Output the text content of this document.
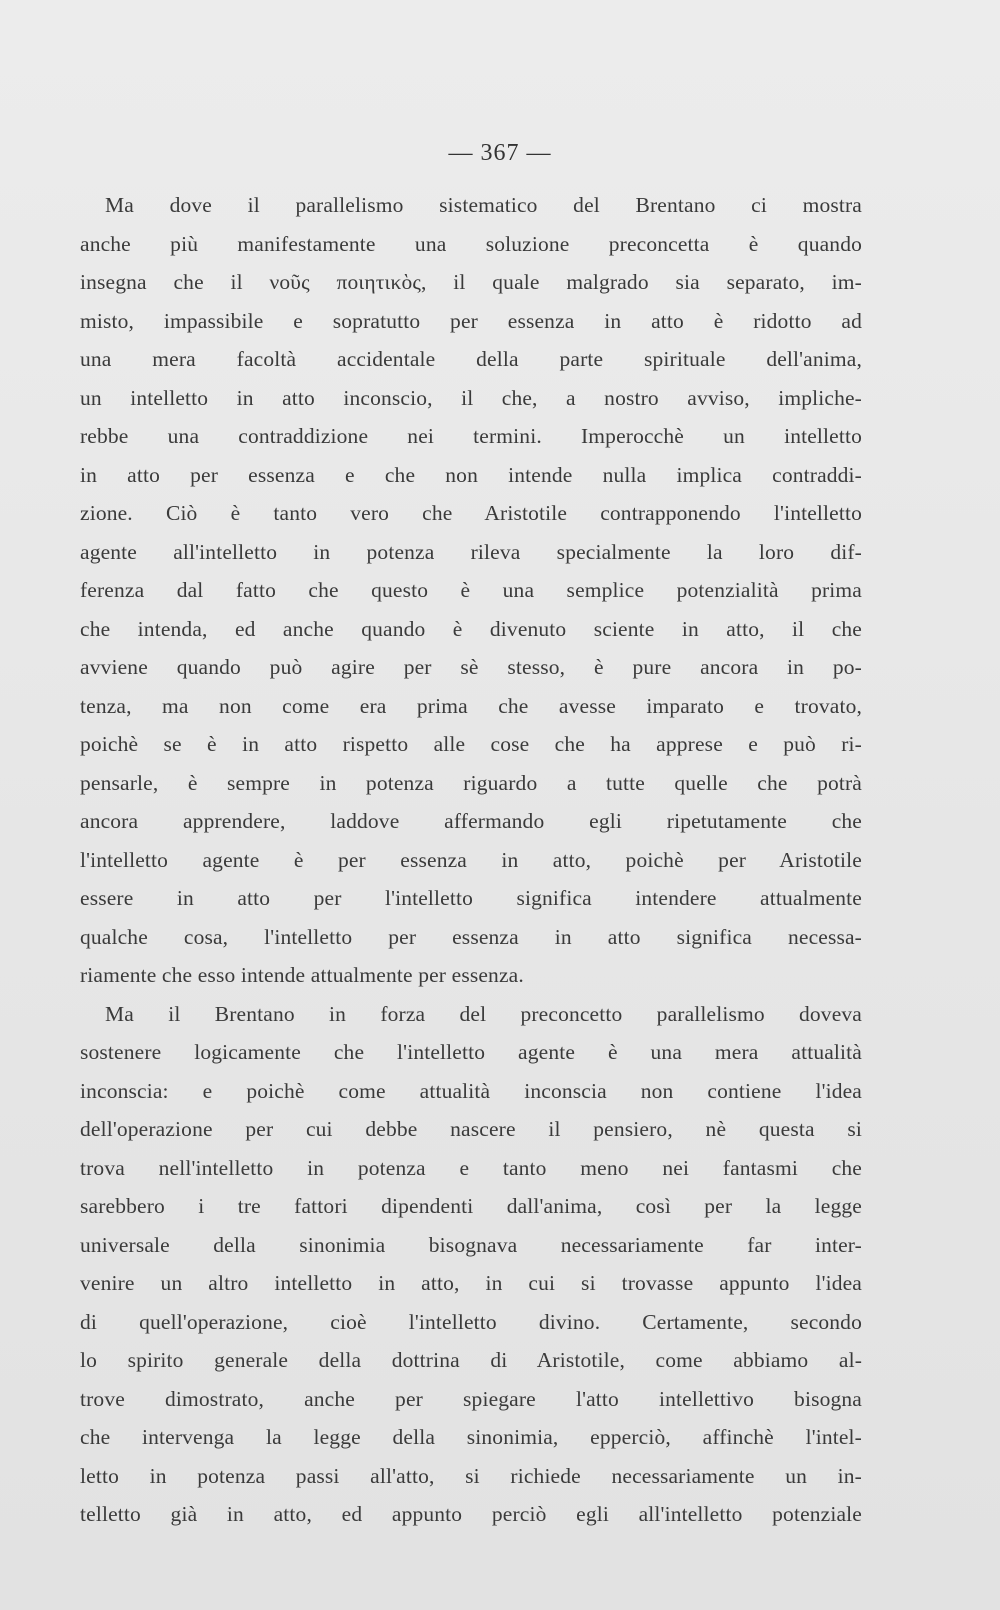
— 367 —
Ma dove il parallelismo sistematico del Brentano ci mostra
anche più manifestamente una soluzione preconcetta è quando
insegna che il νοῦς ποιητικὸς, il quale malgrado sia separato, im-
misto, impassibile e sopratutto per essenza in atto è ridotto ad
una mera facoltà accidentale della parte spirituale dell'anima,
un intelletto in atto inconscio, il che, a nostro avviso, impliche-
rebbe una contraddizione nei termini. Imperocchè un intelletto
in atto per essenza e che non intende nulla implica contraddi-
zione. Ciò è tanto vero che Aristotile contrapponendo l'intelletto
agente all'intelletto in potenza rileva specialmente la loro dif-
ferenza dal fatto che questo è una semplice potenzialità prima
che intenda, ed anche quando è divenuto sciente in atto, il che
avviene quando può agire per sè stesso, è pure ancora in po-
tenza, ma non come era prima che avesse imparato e trovato,
poichè se è in atto rispetto alle cose che ha apprese e può ri-
pensarle, è sempre in potenza riguardo a tutte quelle che potrà
ancora apprendere, laddove affermando egli ripetutamente che
l'intelletto agente è per essenza in atto, poichè per Aristotile
essere in atto per l'intelletto significa intendere attualmente
qualche cosa, l'intelletto per essenza in atto significa necessa-
riamente che esso intende attualmente per essenza.
Ma il Brentano in forza del preconcetto parallelismo doveva
sostenere logicamente che l'intelletto agente è una mera attualità
inconscia: e poichè come attualità inconscia non contiene l'idea
dell'operazione per cui debbe nascere il pensiero, nè questa si
trova nell'intelletto in potenza e tanto meno nei fantasmi che
sarebbero i tre fattori dipendenti dall'anima, così per la legge
universale della sinonimia bisognava necessariamente far inter-
venire un altro intelletto in atto, in cui si trovasse appunto l'idea
di quell'operazione, cioè l'intelletto divino. Certamente, secondo
lo spirito generale della dottrina di Aristotile, come abbiamo al-
trove dimostrato, anche per spiegare l'atto intellettivo bisogna
che intervenga la legge della sinonimia, epperciò, affinchè l'intel-
letto in potenza passi all'atto, si richiede necessariamente un in-
telletto già in atto, ed appunto perciò egli all'intelletto potenziale
